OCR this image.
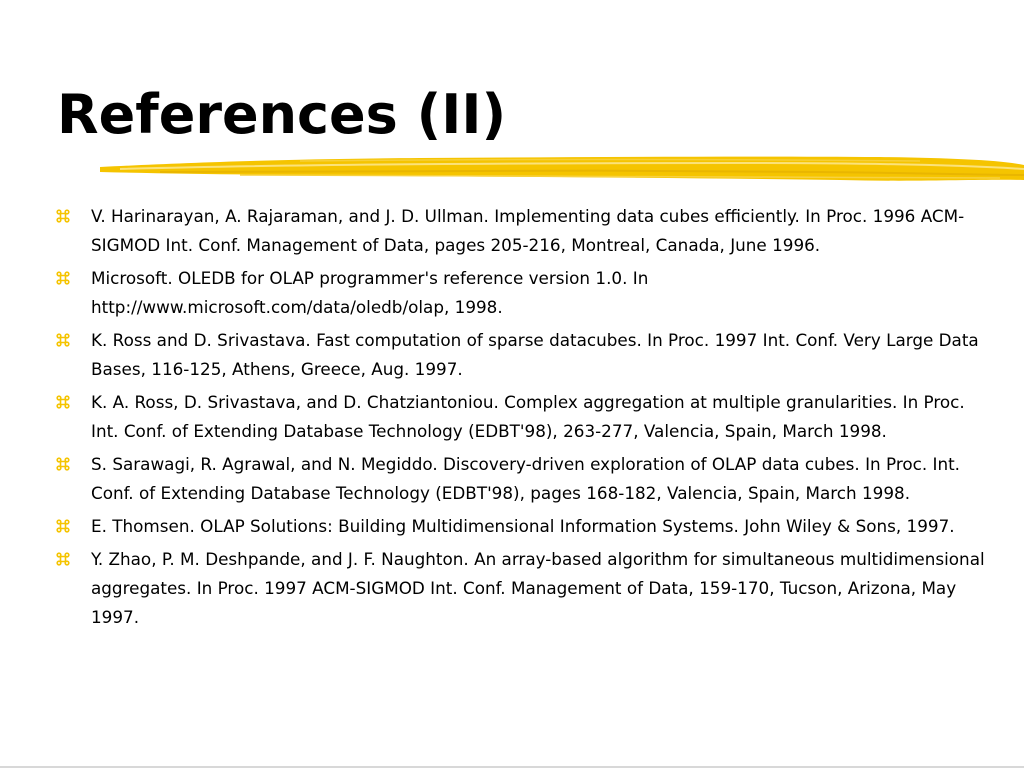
References (II)
V. Harinarayan, A. Rajaraman, and J. D. Ullman. Implementing data cubes efficiently. In Proc. 1996 ACM-SIGMOD Int. Conf. Management of Data, pages 205-216, Montreal, Canada, June 1996.
Microsoft. OLEDB for OLAP programmer's reference version 1.0. In http://www.microsoft.com/data/oledb/olap, 1998.
K. Ross and D. Srivastava. Fast computation of sparse datacubes. In Proc. 1997 Int. Conf. Very Large Data Bases, 116-125, Athens, Greece, Aug. 1997.
K. A. Ross, D. Srivastava, and D. Chatziantoniou. Complex aggregation at multiple granularities. In Proc. Int. Conf. of Extending Database Technology (EDBT'98), 263-277, Valencia, Spain, March 1998.
S. Sarawagi, R. Agrawal, and N. Megiddo. Discovery-driven exploration of OLAP data cubes. In Proc. Int. Conf. of Extending Database Technology (EDBT'98), pages 168-182, Valencia, Spain, March 1998.
E. Thomsen. OLAP Solutions: Building Multidimensional Information Systems. John Wiley & Sons, 1997.
Y. Zhao, P. M. Deshpande, and J. F. Naughton. An array-based algorithm for simultaneous multidimensional aggregates. In Proc. 1997 ACM-SIGMOD Int. Conf. Management of Data, 159-170, Tucson, Arizona, May 1997.
